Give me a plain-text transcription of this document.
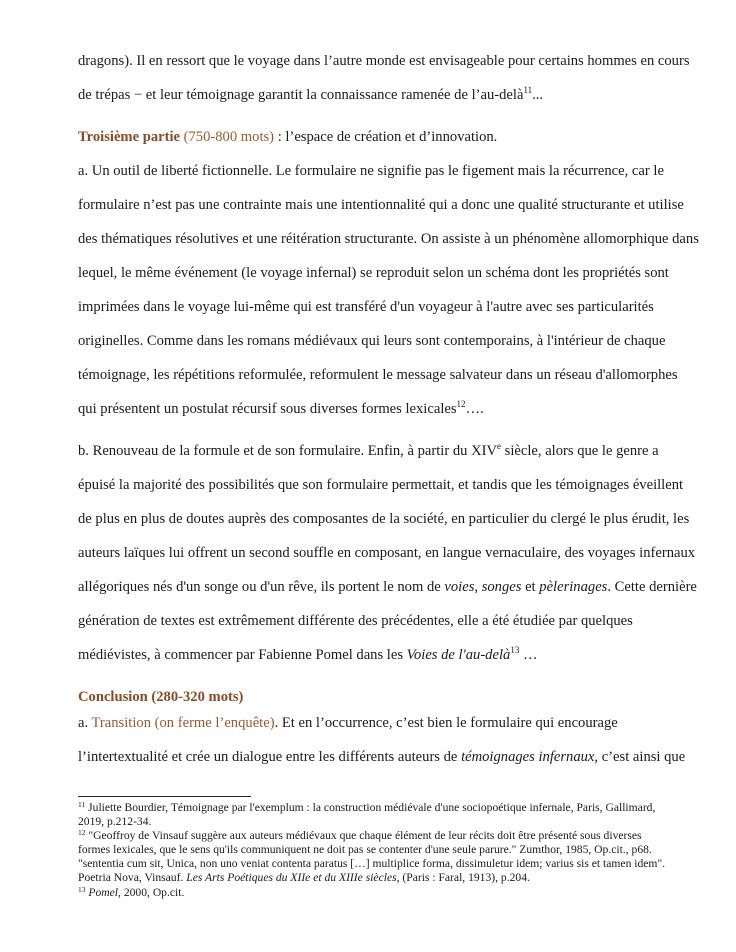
dragons). Il en ressort que le voyage dans l’autre monde est envisageable pour certains hommes en cours
de trépas − et leur témoignage garantit la connaissance ramenée de l’au-delà$^{11}$...
Troisième partie (750-800 mots) : l’espace de création et d’innovation.
a. Un outil de liberté fictionnelle. Le formulaire ne signifie pas le figement mais la récurrence, car le
formulaire n’est pas une contrainte mais une intentionnalité qui a donc une qualité structurante et utilise
des thématiques résolutives et une réitération structurante. On assiste à un phénomène allomorphique dans
lequel, le même événement (le voyage infernal) se reproduit selon un schéma dont les propriétés sont
imprimées dans le voyage lui-même qui est transféré d'un voyageur à l'autre avec ses particularités
originelles. Comme dans les romans médiévaux qui leurs sont contemporains, à l'intérieur de chaque
témoignage, les répétitions reformulée, reformulent le message salvateur dans un réseau d'allomorphes
qui présentent un postulat récursif sous diverses formes lexicales$^{12}$….
b. Renouveau de la formule et de son formulaire. Enfin, à partir du XIVe siècle, alors que le genre a
épuisé la majorité des possibilités que son formulaire permettait, et tandis que les témoignages éveillent
de plus en plus de doutes auprès des composantes de la société, en particulier du clergé le plus érudit, les
auteurs laïques lui offrent un second souffle en composant, en langue vernaculaire, des voyages infernaux
allégoriques nés d'un songe ou d'un rêve, ils portent le nom de voies, songes et pèlerinages. Cette dernière
génération de textes est extrêmement différente des précédentes, elle a été étudiée par quelques
médiévistes, à commencer par Fabienne Pomel dans les Voies de l'au-delà$^{13}$ …
Conclusion (280-320 mots)
a. Transition (on ferme l’enquête). Et en l’occurrence, c’est bien le formulaire qui encourage
l’intertextualité et crée un dialogue entre les différents auteurs de témoignages infernaux, c’est ainsi que
$^{11}$ Juliette Bourdier, Témoignage par l'exemplum : la construction médiévale d'une sociopoétique infernale, Paris, Gallimard,
2019, p.212-34.
$^{12}$ "Geoffroy de Vinsauf suggère aux auteurs médiévaux que chaque élément de leur récits doit être présenté sous diverses
formes lexicales, que le sens qu'ils communiquent ne doit pas se contenter d'une seule parure." Zumthor, 1985, Op.cit., p68.
"sententia cum sit, Unica, non uno veniat contenta paratus […] multiplice forma, dissimuletur idem; varius sis et tamen idem".
Poetria Nova, Vinsauf. Les Arts Poétiques du XIIe et du XIIIe siècles, (Paris : Faral, 1913), p.204.
$^{13}$ Pomel, 2000, Op.cit.
